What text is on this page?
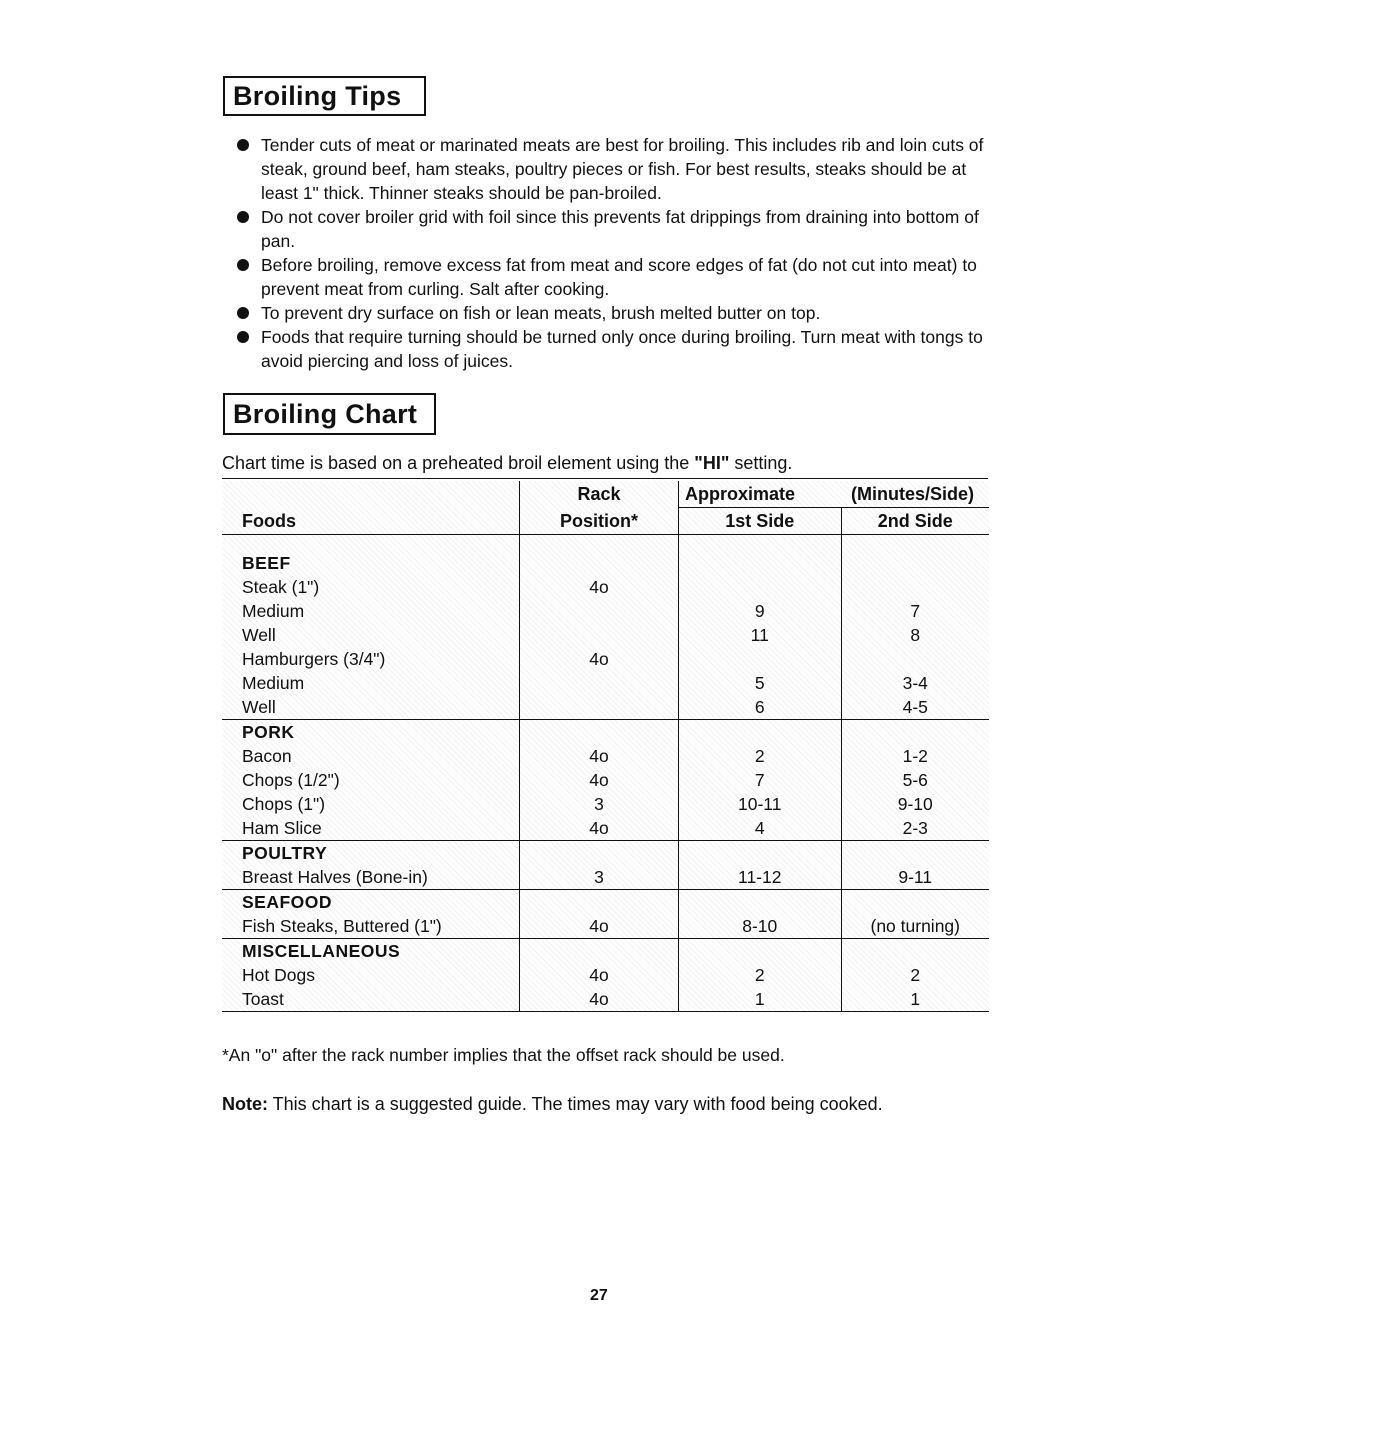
Broiling Tips
Tender cuts of meat or marinated meats are best for broiling. This includes rib and loin cuts of steak, ground beef, ham steaks, poultry pieces or fish. For best results, steaks should be at least 1" thick. Thinner steaks should be pan-broiled.
Do not cover broiler grid with foil since this prevents fat drippings from draining into bottom of pan.
Before broiling, remove excess fat from meat and score edges of fat (do not cut into meat) to prevent meat from curling. Salt after cooking.
To prevent dry surface on fish or lean meats, brush melted butter on top.
Foods that require turning should be turned only once during broiling. Turn meat with tongs to avoid piercing and loss of juices.
Broiling Chart
Chart time is based on a preheated broil element using the "HI" setting.
	Rack	Approximate	(Minutes/Side)
Foods	Position*	1st Side	2nd Side

BEEF			
Steak (1")	4o		
Medium		9	7
Well		11	8
Hamburgers (3/4")	4o		
Medium		5	3-4
Well		6	4-5
PORK			
Bacon	4o	2	1-2
Chops (1/2")	4o	7	5-6
Chops (1")	3	10-11	9-10
Ham Slice	4o	4	2-3
POULTRY			
Breast Halves (Bone-in)	3	11-12	9-11
SEAFOOD			
Fish Steaks, Buttered (1")	4o	8-10	(no turning)
MISCELLANEOUS			
Hot Dogs	4o	2	2
Toast	4o	1	1
*An "o" after the rack number implies that the offset rack should be used.
Note: This chart is a suggested guide. The times may vary with food being cooked.
27
